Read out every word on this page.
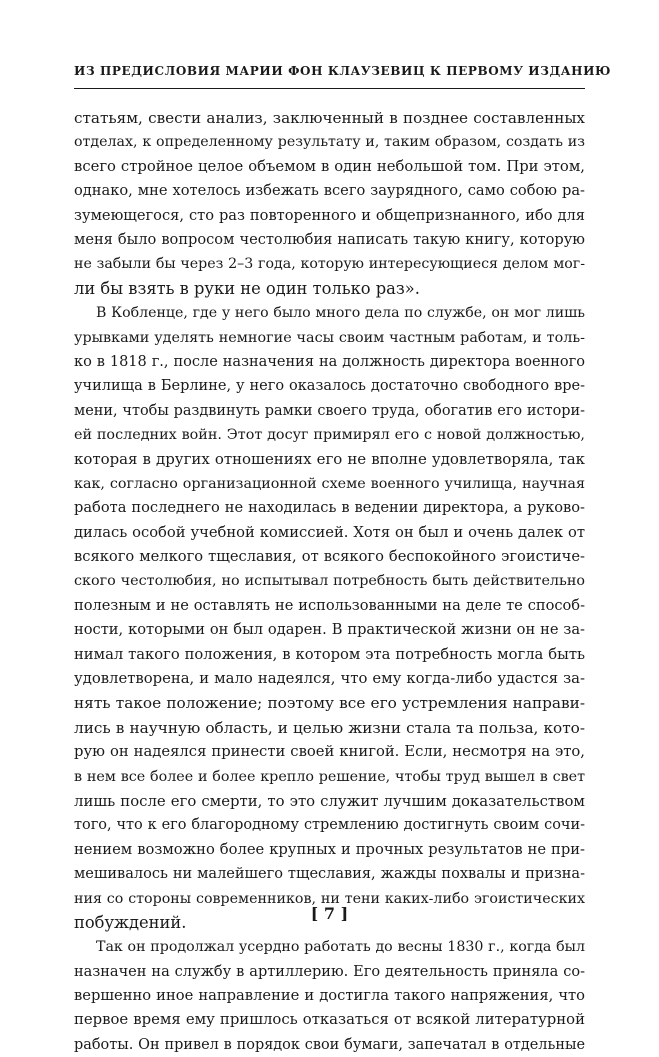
ИЗ ПРЕДИСЛОВИЯ МАРИИ ФОН КЛАУЗЕВИЦ К ПЕРВОМУ ИЗДАНИЮ
статьям, свести анализ, заключенный в позднее составленных
отделах, к определенному результату и, таким образом, создать из
всего стройное целое объемом в один небольшой том. При этом,
однако, мне хотелось избежать всего заурядного, само собою ра-
зумеющегося, сто раз повторенного и общепризнанного, ибо для
меня было вопросом честолюбия написать такую книгу, которую
не забыли бы через 2–3 года, которую интересующиеся делом мог-
ли бы взять в руки не один только раз».
В Кобленце, где у него было много дела по службе, он мог лишь
урывками уделять немногие часы своим частным работам, и толь-
ко в 1818 г., после назначения на должность директора военного
училища в Берлине, у него оказалось достаточно свободного вре-
мени, чтобы раздвинуть рамки своего труда, обогатив его истори-
ей последних войн. Этот досуг примирял его с новой должностью,
которая в других отношениях его не вполне удовлетворяла, так
как, согласно организационной схеме военного училища, научная
работа последнего не находилась в ведении директора, а руково-
дилась особой учебной комиссией. Хотя он был и очень далек от
всякого мелкого тщеславия, от всякого беспокойного эгоистиче-
ского честолюбия, но испытывал потребность быть действительно
полезным и не оставлять не использованными на деле те способ-
ности, которыми он был одарен. В практической жизни он не за-
нимал такого положения, в котором эта потребность могла быть
удовлетворена, и мало надеялся, что ему когда-либо удастся за-
нять такое положение; поэтому все его устремления направи-
лись в научную область, и целью жизни стала та польза, кото-
рую он надеялся принести своей книгой. Если, несмотря на это,
в нем все более и более крепло решение, чтобы труд вышел в свет
лишь после его смерти, то это служит лучшим доказательством
того, что к его благородному стремлению достигнуть своим сочи-
нением возможно более крупных и прочных результатов не при-
мешивалось ни малейшего тщеславия, жажды похвалы и призна-
ния со стороны современников, ни тени каких-либо эгоистических
побуждений.
Так он продолжал усердно работать до весны 1830 г., когда был
назначен на службу в артиллерию. Его деятельность приняла со-
вершенно иное направление и достигла такого напряжения, что
первое время ему пришлось отказаться от всякой литературной
работы. Он привел в порядок свои бумаги, запечатал в отдельные
[ 7 ]
